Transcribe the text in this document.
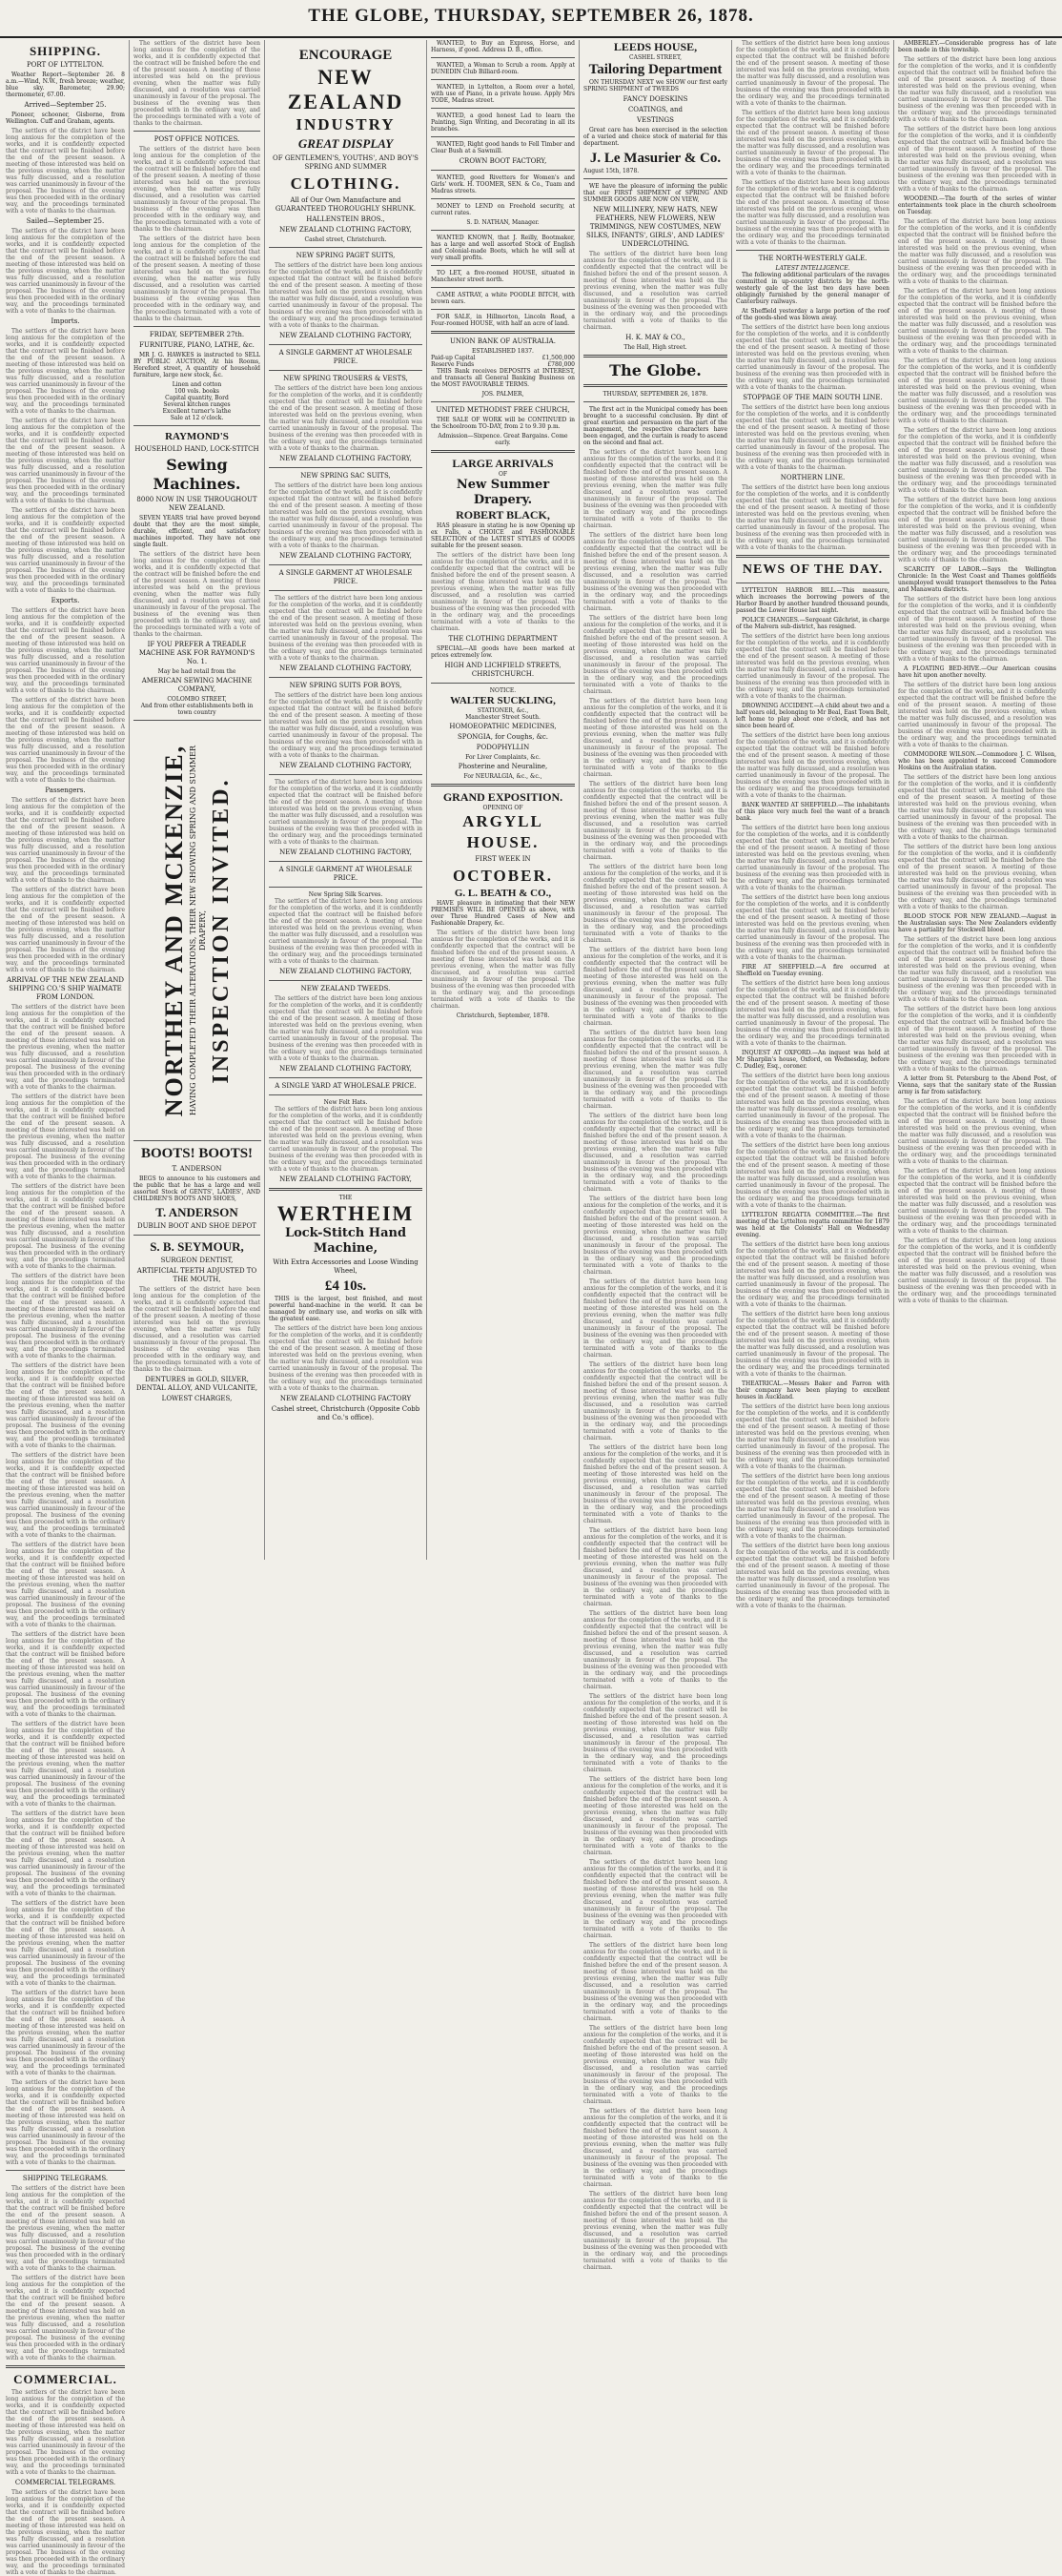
THE GLOBE, THURSDAY, SEPTEMBER 26, 1878.
SHIPPING.
PORT OF LYTTELTON.

Weather Report—September 26. 8 a.m.—Wind, N.W., fresh breeze; weather, blue sky. Barometer, 29.90; thermometer, 67.00.

Arrived—September 25.

Pioneer, schooner, Gisborne, from Wellington. Cuff and Graham, agents.

The settlers of the district have been long anxious for the completion of the works, and it is confidently expected that the contract will be finished before the end of the present season. A meeting of those interested was held on the previous evening, when the matter was fully discussed, and a resolution was carried unanimously in favour of the proposal. The business of the evening was then proceeded with in the ordinary way, and the proceedings terminated with a vote of thanks to the chairman.

Sailed—September 25.

The settlers of the district have been long anxious for the completion of the works, and it is confidently expected that the contract will be finished before the end of the present season. A meeting of those interested was held on the previous evening, when the matter was fully discussed, and a resolution was carried unanimously in favour of the proposal. The business of the evening was then proceeded with in the ordinary way, and the proceedings terminated with a vote of thanks to the chairman.

Imports.

The settlers of the district have been long anxious for the completion of the works, and it is confidently expected that the contract will be finished before the end of the present season. A meeting of those interested was held on the previous evening, when the matter was fully discussed, and a resolution was carried unanimously in favour of the proposal. The business of the evening was then proceeded with in the ordinary way, and the proceedings terminated with a vote of thanks to the chairman.

The settlers of the district have been long anxious for the completion of the works, and it is confidently expected that the contract will be finished before the end of the present season. A meeting of those interested was held on the previous evening, when the matter was fully discussed, and a resolution was carried unanimously in favour of the proposal. The business of the evening was then proceeded with in the ordinary way, and the proceedings terminated with a vote of thanks to the chairman.

The settlers of the district have been long anxious for the completion of the works, and it is confidently expected that the contract will be finished before the end of the present season. A meeting of those interested was held on the previous evening, when the matter was fully discussed, and a resolution was carried unanimously in favour of the proposal. The business of the evening was then proceeded with in the ordinary way, and the proceedings terminated with a vote of thanks to the chairman.

Exports.

The settlers of the district have been long anxious for the completion of the works, and it is confidently expected that the contract will be finished before the end of the present season. A meeting of those interested was held on the previous evening, when the matter was fully discussed, and a resolution was carried unanimously in favour of the proposal. The business of the evening was then proceeded with in the ordinary way, and the proceedings terminated with a vote of thanks to the chairman.

The settlers of the district have been long anxious for the completion of the works, and it is confidently expected that the contract will be finished before the end of the present season. A meeting of those interested was held on the previous evening, when the matter was fully discussed, and a resolution was carried unanimously in favour of the proposal. The business of the evening was then proceeded with in the ordinary way, and the proceedings terminated with a vote of thanks to the chairman.

Passengers.

The settlers of the district have been long anxious for the completion of the works, and it is confidently expected that the contract will be finished before the end of the present season. A meeting of those interested was held on the previous evening, when the matter was fully discussed, and a resolution was carried unanimously in favour of the proposal. The business of the evening was then proceeded with in the ordinary way, and the proceedings terminated with a vote of thanks to the chairman.

The settlers of the district have been long anxious for the completion of the works, and it is confidently expected that the contract will be finished before the end of the present season. A meeting of those interested was held on the previous evening, when the matter was fully discussed, and a resolution was carried unanimously in favour of the proposal. The business of the evening was then proceeded with in the ordinary way, and the proceedings terminated with a vote of thanks to the chairman.

ARRIVAL OF THE NEW ZEALAND SHIPPING CO.'S SHIP WAIMATE FROM LONDON.

The settlers of the district have been long anxious for the completion of the works, and it is confidently expected that the contract will be finished before the end of the present season. A meeting of those interested was held on the previous evening, when the matter was fully discussed, and a resolution was carried unanimously in favour of the proposal. The business of the evening was then proceeded with in the ordinary way, and the proceedings terminated with a vote of thanks to the chairman.

The settlers of the district have been long anxious for the completion of the works, and it is confidently expected that the contract will be finished before the end of the present season. A meeting of those interested was held on the previous evening, when the matter was fully discussed, and a resolution was carried unanimously in favour of the proposal. The business of the evening was then proceeded with in the ordinary way, and the proceedings terminated with a vote of thanks to the chairman.

The settlers of the district have been long anxious for the completion of the works, and it is confidently expected that the contract will be finished before the end of the present season. A meeting of those interested was held on the previous evening, when the matter was fully discussed, and a resolution was carried unanimously in favour of the proposal. The business of the evening was then proceeded with in the ordinary way, and the proceedings terminated with a vote of thanks to the chairman.

The settlers of the district have been long anxious for the completion of the works, and it is confidently expected that the contract will be finished before the end of the present season. A meeting of those interested was held on the previous evening, when the matter was fully discussed, and a resolution was carried unanimously in favour of the proposal. The business of the evening was then proceeded with in the ordinary way, and the proceedings terminated with a vote of thanks to the chairman.

The settlers of the district have been long anxious for the completion of the works, and it is confidently expected that the contract will be finished before the end of the present season. A meeting of those interested was held on the previous evening, when the matter was fully discussed, and a resolution was carried unanimously in favour of the proposal. The business of the evening was then proceeded with in the ordinary way, and the proceedings terminated with a vote of thanks to the chairman.

The settlers of the district have been long anxious for the completion of the works, and it is confidently expected that the contract will be finished before the end of the present season. A meeting of those interested was held on the previous evening, when the matter was fully discussed, and a resolution was carried unanimously in favour of the proposal. The business of the evening was then proceeded with in the ordinary way, and the proceedings terminated with a vote of thanks to the chairman.

The settlers of the district have been long anxious for the completion of the works, and it is confidently expected that the contract will be finished before the end of the present season. A meeting of those interested was held on the previous evening, when the matter was fully discussed, and a resolution was carried unanimously in favour of the proposal. The business of the evening was then proceeded with in the ordinary way, and the proceedings terminated with a vote of thanks to the chairman.

The settlers of the district have been long anxious for the completion of the works, and it is confidently expected that the contract will be finished before the end of the present season. A meeting of those interested was held on the previous evening, when the matter was fully discussed, and a resolution was carried unanimously in favour of the proposal. The business of the evening was then proceeded with in the ordinary way, and the proceedings terminated with a vote of thanks to the chairman.

The settlers of the district have been long anxious for the completion of the works, and it is confidently expected that the contract will be finished before the end of the present season. A meeting of those interested was held on the previous evening, when the matter was fully discussed, and a resolution was carried unanimously in favour of the proposal. The business of the evening was then proceeded with in the ordinary way, and the proceedings terminated with a vote of thanks to the chairman.

The settlers of the district have been long anxious for the completion of the works, and it is confidently expected that the contract will be finished before the end of the present season. A meeting of those interested was held on the previous evening, when the matter was fully discussed, and a resolution was carried unanimously in favour of the proposal. The business of the evening was then proceeded with in the ordinary way, and the proceedings terminated with a vote of thanks to the chairman.

The settlers of the district have been long anxious for the completion of the works, and it is confidently expected that the contract will be finished before the end of the present season. A meeting of those interested was held on the previous evening, when the matter was fully discussed, and a resolution was carried unanimously in favour of the proposal. The business of the evening was then proceeded with in the ordinary way, and the proceedings terminated with a vote of thanks to the chairman.

The settlers of the district have been long anxious for the completion of the works, and it is confidently expected that the contract will be finished before the end of the present season. A meeting of those interested was held on the previous evening, when the matter was fully discussed, and a resolution was carried unanimously in favour of the proposal. The business of the evening was then proceeded with in the ordinary way, and the proceedings terminated with a vote of thanks to the chairman.

The settlers of the district have been long anxious for the completion of the works, and it is confidently expected that the contract will be finished before the end of the present season. A meeting of those interested was held on the previous evening, when the matter was fully discussed, and a resolution was carried unanimously in favour of the proposal. The business of the evening was then proceeded with in the ordinary way, and the proceedings terminated with a vote of thanks to the chairman.

SHIPPING TELEGRAMS.

The settlers of the district have been long anxious for the completion of the works, and it is confidently expected that the contract will be finished before the end of the present season. A meeting of those interested was held on the previous evening, when the matter was fully discussed, and a resolution was carried unanimously in favour of the proposal. The business of the evening was then proceeded with in the ordinary way, and the proceedings terminated with a vote of thanks to the chairman.

The settlers of the district have been long anxious for the completion of the works, and it is confidently expected that the contract will be finished before the end of the present season. A meeting of those interested was held on the previous evening, when the matter was fully discussed, and a resolution was carried unanimously in favour of the proposal. The business of the evening was then proceeded with in the ordinary way, and the proceedings terminated with a vote of thanks to the chairman.

COMMERCIAL.

The settlers of the district have been long anxious for the completion of the works, and it is confidently expected that the contract will be finished before the end of the present season. A meeting of those interested was held on the previous evening, when the matter was fully discussed, and a resolution was carried unanimously in favour of the proposal. The business of the evening was then proceeded with in the ordinary way, and the proceedings terminated with a vote of thanks to the chairman.

COMMERCIAL TELEGRAMS.

The settlers of the district have been long anxious for the completion of the works, and it is confidently expected that the contract will be finished before the end of the present season. A meeting of those interested was held on the previous evening, when the matter was fully discussed, and a resolution was carried unanimously in favour of the proposal. The business of the evening was then proceeded with in the ordinary way, and the proceedings terminated with a vote of thanks to the chairman.

The settlers of the district have been long anxious for the completion of the works, and it is confidently expected that the contract will be finished before the end of the present season. A meeting of those interested was held on the previous evening, when the matter was fully discussed, and a resolution was carried unanimously in favour of the proposal. The business of the evening was then proceeded with in the ordinary way, and the proceedings terminated with a vote of thanks to the chairman.

POST OFFICE NOTICES.

The settlers of the district have been long anxious for the completion of the works, and it is confidently expected that the contract will be finished before the end of the present season. A meeting of those interested was held on the previous evening, when the matter was fully discussed, and a resolution was carried unanimously in favour of the proposal. The business of the evening was then proceeded with in the ordinary way, and the proceedings terminated with a vote of thanks to the chairman.

The settlers of the district have been long anxious for the completion of the works, and it is confidently expected that the contract will be finished before the end of the present season. A meeting of those interested was held on the previous evening, when the matter was fully discussed, and a resolution was carried unanimously in favour of the proposal. The business of the evening was then proceeded with in the ordinary way, and the proceedings terminated with a vote of thanks to the chairman.

FRIDAY, SEPTEMBER 27th.
FURNITURE, PIANO, LATHE, &c.

MR J. G. HAWKES is instructed to SELL BY PUBLIC AUCTION, At his Rooms, Hereford street, A quantity of household furniture, large new stock, &c.

Linen and cotton
100 vols. books
Capital quantity, Bord
Several kitchen ranges
Excellent turner's lathe
Sale at 12 o'clock.
RAYMOND'S
HOUSEHOLD HAND, LOCK-STITCH
Sewing Machines.
8000 NOW IN USE THROUGHOUT NEW ZEALAND.

SEVEN YEARS trial have proved beyond doubt that they are the most simple, durable, efficient, and satisfactory machines imported. They have not one single fault.

The settlers of the district have been long anxious for the completion of the works, and it is confidently expected that the contract will be finished before the end of the present season. A meeting of those interested was held on the previous evening, when the matter was fully discussed, and a resolution was carried unanimously in favour of the proposal. The business of the evening was then proceeded with in the ordinary way, and the proceedings terminated with a vote of thanks to the chairman.

IF YOU PREFER A TREADLE MACHINE ASK FOR RAYMOND'S No. 1.
May be had retail from the
AMERICAN SEWING MACHINE COMPANY,
COLOMBO STREET,
And from other establishments both in town country
NORTHEY AND MCKENZIE, HAVING COMPLETED THEIR ALTERATIONS, THEIR NEW SHOWING SPRING AND SUMMER DRAPERY, INSPECTION INVITED.
BOOTS! BOOTS!
T. ANDERSON

BEGS to announce to his customers and the public that he has a large and well assorted Stock of GENTS', LADIES', AND CHILDREN'S BOOTS AND SHOES,

T. ANDERSON
DUBLIN BOOT AND SHOE DEPOT
S. B. SEYMOUR,
SURGEON DENTIST,
ARTIFICIAL TEETH ADJUSTED TO THE MOUTH,

The settlers of the district have been long anxious for the completion of the works, and it is confidently expected that the contract will be finished before the end of the present season. A meeting of those interested was held on the previous evening, when the matter was fully discussed, and a resolution was carried unanimously in favour of the proposal. The business of the evening was then proceeded with in the ordinary way, and the proceedings terminated with a vote of thanks to the chairman.

DENTURES in GOLD, SILVER, DENTAL ALLOY, AND VULCANITE,
LOWEST CHARGES,
ENCOURAGE
NEW ZEALAND
INDUSTRY
GREAT DISPLAY
OF GENTLEMEN'S, YOUTHS', AND BOY'S SPRING AND SUMMER
CLOTHING.
All of Our Own Manufacture and GUARANTEED THOROUGHLY SHRUNK.
HALLENSTEIN BROS.,
NEW ZEALAND CLOTHING FACTORY,
Cashel street, Christchurch.
NEW SPRING PAGET SUITS,

The settlers of the district have been long anxious for the completion of the works, and it is confidently expected that the contract will be finished before the end of the present season. A meeting of those interested was held on the previous evening, when the matter was fully discussed, and a resolution was carried unanimously in favour of the proposal. The business of the evening was then proceeded with in the ordinary way, and the proceedings terminated with a vote of thanks to the chairman.

NEW ZEALAND CLOTHING FACTORY,
A SINGLE GARMENT AT WHOLESALE PRICE.
NEW SPRING TROUSERS & VESTS,

The settlers of the district have been long anxious for the completion of the works, and it is confidently expected that the contract will be finished before the end of the present season. A meeting of those interested was held on the previous evening, when the matter was fully discussed, and a resolution was carried unanimously in favour of the proposal. The business of the evening was then proceeded with in the ordinary way, and the proceedings terminated with a vote of thanks to the chairman.

NEW ZEALAND CLOTHING FACTORY,
NEW SPRING SAC SUITS,

The settlers of the district have been long anxious for the completion of the works, and it is confidently expected that the contract will be finished before the end of the present season. A meeting of those interested was held on the previous evening, when the matter was fully discussed, and a resolution was carried unanimously in favour of the proposal. The business of the evening was then proceeded with in the ordinary way, and the proceedings terminated with a vote of thanks to the chairman.

NEW ZEALAND CLOTHING FACTORY,
A SINGLE GARMENT AT WHOLESALE PRICE.

The settlers of the district have been long anxious for the completion of the works, and it is confidently expected that the contract will be finished before the end of the present season. A meeting of those interested was held on the previous evening, when the matter was fully discussed, and a resolution was carried unanimously in favour of the proposal. The business of the evening was then proceeded with in the ordinary way, and the proceedings terminated with a vote of thanks to the chairman.

NEW ZEALAND CLOTHING FACTORY,
NEW SPRING SUITS FOR BOYS,

The settlers of the district have been long anxious for the completion of the works, and it is confidently expected that the contract will be finished before the end of the present season. A meeting of those interested was held on the previous evening, when the matter was fully discussed, and a resolution was carried unanimously in favour of the proposal. The business of the evening was then proceeded with in the ordinary way, and the proceedings terminated with a vote of thanks to the chairman.

NEW ZEALAND CLOTHING FACTORY,

The settlers of the district have been long anxious for the completion of the works, and it is confidently expected that the contract will be finished before the end of the present season. A meeting of those interested was held on the previous evening, when the matter was fully discussed, and a resolution was carried unanimously in favour of the proposal. The business of the evening was then proceeded with in the ordinary way, and the proceedings terminated with a vote of thanks to the chairman.

NEW ZEALAND CLOTHING FACTORY,
A SINGLE GARMENT AT WHOLESALE PRICE.
New Spring Silk Scarves.

The settlers of the district have been long anxious for the completion of the works, and it is confidently expected that the contract will be finished before the end of the present season. A meeting of those interested was held on the previous evening, when the matter was fully discussed, and a resolution was carried unanimously in favour of the proposal. The business of the evening was then proceeded with in the ordinary way, and the proceedings terminated with a vote of thanks to the chairman.

NEW ZEALAND CLOTHING FACTORY,
NEW ZEALAND TWEEDS.

The settlers of the district have been long anxious for the completion of the works, and it is confidently expected that the contract will be finished before the end of the present season. A meeting of those interested was held on the previous evening, when the matter was fully discussed, and a resolution was carried unanimously in favour of the proposal. The business of the evening was then proceeded with in the ordinary way, and the proceedings terminated with a vote of thanks to the chairman.

NEW ZEALAND CLOTHING FACTORY,
A SINGLE YARD AT WHOLESALE PRICE.
New Felt Hats.

The settlers of the district have been long anxious for the completion of the works, and it is confidently expected that the contract will be finished before the end of the present season. A meeting of those interested was held on the previous evening, when the matter was fully discussed, and a resolution was carried unanimously in favour of the proposal. The business of the evening was then proceeded with in the ordinary way, and the proceedings terminated with a vote of thanks to the chairman.

NEW ZEALAND CLOTHING FACTORY,
THE
WERTHEIM
Lock-Stitch Hand Machine,
With Extra Accessories and Loose Winding Wheel,
£4 10s.

THIS is the largest, best finished, and most powerful hand-machine in the world. It can be managed by ordinary use, and works on silk with the greatest ease.

The settlers of the district have been long anxious for the completion of the works, and it is confidently expected that the contract will be finished before the end of the present season. A meeting of those interested was held on the previous evening, when the matter was fully discussed, and a resolution was carried unanimously in favour of the proposal. The business of the evening was then proceeded with in the ordinary way, and the proceedings terminated with a vote of thanks to the chairman.

NEW ZEALAND CLOTHING FACTORY
Cashel street, Christchurch (Opposite Cobb and Co.'s office).

WANTED, to Buy an Express, Horse, and Harness, if good. Address D. B., office.

WANTED, a Woman to Scrub a room. Apply at DUNEDIN Club Billiard-room.

WANTED, in Lyttelton, a Room over a hotel, with use of Piano, in a private house. Apply Mrs TODE, Madras street.

WANTED, a good honest Lad to learn the Painting, Sign Writing, and Decorating in all its branches.

WANTED, Right good hands to Fell Timber and Clear Bush at a Sawmill.

CROWN BOOT FACTORY,

WANTED, good Rivetters for Women's and Girls' work. H. TOOMER, SEN. & Co., Tuam and Madras streets.

MONEY to LEND on Freehold security, at current rates.

S. D. NATHAN, Manager.

WANTED KNOWN, that J. Reilly, Bootmaker, has a large and well assorted Stock of English and Colonial-made Boots, which he will sell at very small profits.

TO LET, a five-roomed HOUSE, situated in Manchester street north.

CAME ASTRAY, a white POODLE BITCH, with brown ears.

FOR SALE, in Hillmorton, Lincoln Road, a Four-roomed HOUSE, with half an acre of land.

UNION BANK OF AUSTRALIA.
ESTABLISHED 1837.
Paid-up Capital	£1,500,000
Reserve Funds	£780,000

THIS Bank receives DEPOSITS at INTEREST, and transacts all General Banking Business on the MOST FAVOURABLE TERMS.

JOS. PALMER,
UNITED METHODIST FREE CHURCH,

THE SALE OF WORK will be CONTINUED in the Schoolroom TO-DAY, from 2 to 9.30 p.m.

Admission—Sixpence. Great Bargains. Come early.
LARGE ARRIVALS
OF
New Summer Drapery.
ROBERT BLACK,

HAS pleasure in stating he is now Opening up ex Falls, a CHOICE and FASHIONABLE SELECTION of the LATEST STYLES of GOODS suitable for the present season.

The settlers of the district have been long anxious for the completion of the works, and it is confidently expected that the contract will be finished before the end of the present season. A meeting of those interested was held on the previous evening, when the matter was fully discussed, and a resolution was carried unanimously in favour of the proposal. The business of the evening was then proceeded with in the ordinary way, and the proceedings terminated with a vote of thanks to the chairman.

THE CLOTHING DEPARTMENT

SPECIAL—All goods have been marked at prices extremely low.

HIGH AND LICHFIELD STREETS, CHRISTCHURCH.
NOTICE.
WALTER SUCKLING,
STATIONER, &c.,
Manchester Street South.
HOMOEOPATHIC MEDICINES,
SPONGIA, for Coughs, &c.
PODOPHYLLIN
For Liver Complaints, &c.
Phosterine and Neuraline,
For NEURALGIA, &c., &c.,
GRAND EXPOSITION.
OPENING OF
ARGYLL HOUSE.
FIRST WEEK IN
OCTOBER.
G. L. BEATH & CO.,

HAVE pleasure in intimating that their NEW PREMISES WILL BE OPENED as above, with over Three Hundred Cases of New and Fashionable Drapery, &c.

The settlers of the district have been long anxious for the completion of the works, and it is confidently expected that the contract will be finished before the end of the present season. A meeting of those interested was held on the previous evening, when the matter was fully discussed, and a resolution was carried unanimously in favour of the proposal. The business of the evening was then proceeded with in the ordinary way, and the proceedings terminated with a vote of thanks to the chairman.

Christchurch, September, 1878.
LEEDS HOUSE,
CASHEL STREET,
Tailoring Department

ON THURSDAY NEXT we SHOW our first early SPRING SHIPMENT of TWEEDS

FANCY DOESKINS
COATINGS, and
VESTINGS

Great care has been exercised in the selection of a varied and choice stock of material for this department.

J. Le Masurier & Co.
August 15th, 1878.

WE have the pleasure of informing the public that our FIRST SHIPMENT of SPRING AND SUMMER GOODS ARE NOW ON VIEW,

NEW MILLINERY, NEW HATS, NEW FEATHERS, NEW FLOWERS, NEW TRIMMINGS, NEW COSTUMES, NEW SILKS, INFANTS', GIRLS', AND LADIES' UNDERCLOTHING.

The settlers of the district have been long anxious for the completion of the works, and it is confidently expected that the contract will be finished before the end of the present season. A meeting of those interested was held on the previous evening, when the matter was fully discussed, and a resolution was carried unanimously in favour of the proposal. The business of the evening was then proceeded with in the ordinary way, and the proceedings terminated with a vote of thanks to the chairman.

H. K. MAY & CO.,
The Hall, High street.
The Globe.
THURSDAY, SEPTEMBER 26, 1878.

The first act in the Municipal comedy has been brought to a successful conclusion. By dint of great exertion and persuasion on the part of the management, the respective characters have been engaged, and the curtain is ready to ascend on the second and final act.

The settlers of the district have been long anxious for the completion of the works, and it is confidently expected that the contract will be finished before the end of the present season. A meeting of those interested was held on the previous evening, when the matter was fully discussed, and a resolution was carried unanimously in favour of the proposal. The business of the evening was then proceeded with in the ordinary way, and the proceedings terminated with a vote of thanks to the chairman.

The settlers of the district have been long anxious for the completion of the works, and it is confidently expected that the contract will be finished before the end of the present season. A meeting of those interested was held on the previous evening, when the matter was fully discussed, and a resolution was carried unanimously in favour of the proposal. The business of the evening was then proceeded with in the ordinary way, and the proceedings terminated with a vote of thanks to the chairman.

The settlers of the district have been long anxious for the completion of the works, and it is confidently expected that the contract will be finished before the end of the present season. A meeting of those interested was held on the previous evening, when the matter was fully discussed, and a resolution was carried unanimously in favour of the proposal. The business of the evening was then proceeded with in the ordinary way, and the proceedings terminated with a vote of thanks to the chairman.

The settlers of the district have been long anxious for the completion of the works, and it is confidently expected that the contract will be finished before the end of the present season. A meeting of those interested was held on the previous evening, when the matter was fully discussed, and a resolution was carried unanimously in favour of the proposal. The business of the evening was then proceeded with in the ordinary way, and the proceedings terminated with a vote of thanks to the chairman.

The settlers of the district have been long anxious for the completion of the works, and it is confidently expected that the contract will be finished before the end of the present season. A meeting of those interested was held on the previous evening, when the matter was fully discussed, and a resolution was carried unanimously in favour of the proposal. The business of the evening was then proceeded with in the ordinary way, and the proceedings terminated with a vote of thanks to the chairman.

The settlers of the district have been long anxious for the completion of the works, and it is confidently expected that the contract will be finished before the end of the present season. A meeting of those interested was held on the previous evening, when the matter was fully discussed, and a resolution was carried unanimously in favour of the proposal. The business of the evening was then proceeded with in the ordinary way, and the proceedings terminated with a vote of thanks to the chairman.

The settlers of the district have been long anxious for the completion of the works, and it is confidently expected that the contract will be finished before the end of the present season. A meeting of those interested was held on the previous evening, when the matter was fully discussed, and a resolution was carried unanimously in favour of the proposal. The business of the evening was then proceeded with in the ordinary way, and the proceedings terminated with a vote of thanks to the chairman.

The settlers of the district have been long anxious for the completion of the works, and it is confidently expected that the contract will be finished before the end of the present season. A meeting of those interested was held on the previous evening, when the matter was fully discussed, and a resolution was carried unanimously in favour of the proposal. The business of the evening was then proceeded with in the ordinary way, and the proceedings terminated with a vote of thanks to the chairman.

The settlers of the district have been long anxious for the completion of the works, and it is confidently expected that the contract will be finished before the end of the present season. A meeting of those interested was held on the previous evening, when the matter was fully discussed, and a resolution was carried unanimously in favour of the proposal. The business of the evening was then proceeded with in the ordinary way, and the proceedings terminated with a vote of thanks to the chairman.

The settlers of the district have been long anxious for the completion of the works, and it is confidently expected that the contract will be finished before the end of the present season. A meeting of those interested was held on the previous evening, when the matter was fully discussed, and a resolution was carried unanimously in favour of the proposal. The business of the evening was then proceeded with in the ordinary way, and the proceedings terminated with a vote of thanks to the chairman.

The settlers of the district have been long anxious for the completion of the works, and it is confidently expected that the contract will be finished before the end of the present season. A meeting of those interested was held on the previous evening, when the matter was fully discussed, and a resolution was carried unanimously in favour of the proposal. The business of the evening was then proceeded with in the ordinary way, and the proceedings terminated with a vote of thanks to the chairman.

The settlers of the district have been long anxious for the completion of the works, and it is confidently expected that the contract will be finished before the end of the present season. A meeting of those interested was held on the previous evening, when the matter was fully discussed, and a resolution was carried unanimously in favour of the proposal. The business of the evening was then proceeded with in the ordinary way, and the proceedings terminated with a vote of thanks to the chairman.

The settlers of the district have been long anxious for the completion of the works, and it is confidently expected that the contract will be finished before the end of the present season. A meeting of those interested was held on the previous evening, when the matter was fully discussed, and a resolution was carried unanimously in favour of the proposal. The business of the evening was then proceeded with in the ordinary way, and the proceedings terminated with a vote of thanks to the chairman.

The settlers of the district have been long anxious for the completion of the works, and it is confidently expected that the contract will be finished before the end of the present season. A meeting of those interested was held on the previous evening, when the matter was fully discussed, and a resolution was carried unanimously in favour of the proposal. The business of the evening was then proceeded with in the ordinary way, and the proceedings terminated with a vote of thanks to the chairman.

The settlers of the district have been long anxious for the completion of the works, and it is confidently expected that the contract will be finished before the end of the present season. A meeting of those interested was held on the previous evening, when the matter was fully discussed, and a resolution was carried unanimously in favour of the proposal. The business of the evening was then proceeded with in the ordinary way, and the proceedings terminated with a vote of thanks to the chairman.

The settlers of the district have been long anxious for the completion of the works, and it is confidently expected that the contract will be finished before the end of the present season. A meeting of those interested was held on the previous evening, when the matter was fully discussed, and a resolution was carried unanimously in favour of the proposal. The business of the evening was then proceeded with in the ordinary way, and the proceedings terminated with a vote of thanks to the chairman.

The settlers of the district have been long anxious for the completion of the works, and it is confidently expected that the contract will be finished before the end of the present season. A meeting of those interested was held on the previous evening, when the matter was fully discussed, and a resolution was carried unanimously in favour of the proposal. The business of the evening was then proceeded with in the ordinary way, and the proceedings terminated with a vote of thanks to the chairman.

The settlers of the district have been long anxious for the completion of the works, and it is confidently expected that the contract will be finished before the end of the present season. A meeting of those interested was held on the previous evening, when the matter was fully discussed, and a resolution was carried unanimously in favour of the proposal. The business of the evening was then proceeded with in the ordinary way, and the proceedings terminated with a vote of thanks to the chairman.

The settlers of the district have been long anxious for the completion of the works, and it is confidently expected that the contract will be finished before the end of the present season. A meeting of those interested was held on the previous evening, when the matter was fully discussed, and a resolution was carried unanimously in favour of the proposal. The business of the evening was then proceeded with in the ordinary way, and the proceedings terminated with a vote of thanks to the chairman.

The settlers of the district have been long anxious for the completion of the works, and it is confidently expected that the contract will be finished before the end of the present season. A meeting of those interested was held on the previous evening, when the matter was fully discussed, and a resolution was carried unanimously in favour of the proposal. The business of the evening was then proceeded with in the ordinary way, and the proceedings terminated with a vote of thanks to the chairman.

The settlers of the district have been long anxious for the completion of the works, and it is confidently expected that the contract will be finished before the end of the present season. A meeting of those interested was held on the previous evening, when the matter was fully discussed, and a resolution was carried unanimously in favour of the proposal. The business of the evening was then proceeded with in the ordinary way, and the proceedings terminated with a vote of thanks to the chairman.

The settlers of the district have been long anxious for the completion of the works, and it is confidently expected that the contract will be finished before the end of the present season. A meeting of those interested was held on the previous evening, when the matter was fully discussed, and a resolution was carried unanimously in favour of the proposal. The business of the evening was then proceeded with in the ordinary way, and the proceedings terminated with a vote of thanks to the chairman.

The settlers of the district have been long anxious for the completion of the works, and it is confidently expected that the contract will be finished before the end of the present season. A meeting of those interested was held on the previous evening, when the matter was fully discussed, and a resolution was carried unanimously in favour of the proposal. The business of the evening was then proceeded with in the ordinary way, and the proceedings terminated with a vote of thanks to the chairman.

The settlers of the district have been long anxious for the completion of the works, and it is confidently expected that the contract will be finished before the end of the present season. A meeting of those interested was held on the previous evening, when the matter was fully discussed, and a resolution was carried unanimously in favour of the proposal. The business of the evening was then proceeded with in the ordinary way, and the proceedings terminated with a vote of thanks to the chairman.

The settlers of the district have been long anxious for the completion of the works, and it is confidently expected that the contract will be finished before the end of the present season. A meeting of those interested was held on the previous evening, when the matter was fully discussed, and a resolution was carried unanimously in favour of the proposal. The business of the evening was then proceeded with in the ordinary way, and the proceedings terminated with a vote of thanks to the chairman.

THE NORTH-WESTERLY GALE.
LATEST INTELLIGENCE.

The following additional particulars of the ravages committed in up-country districts by the north-westerly gale of the last two days have been obligingly furnished by the general manager of Canterbury railways.

At Sheffield yesterday a large portion of the roof of the goods-shed was blown away.

The settlers of the district have been long anxious for the completion of the works, and it is confidently expected that the contract will be finished before the end of the present season. A meeting of those interested was held on the previous evening, when the matter was fully discussed, and a resolution was carried unanimously in favour of the proposal. The business of the evening was then proceeded with in the ordinary way, and the proceedings terminated with a vote of thanks to the chairman.

STOPPAGE OF THE MAIN SOUTH LINE.

The settlers of the district have been long anxious for the completion of the works, and it is confidently expected that the contract will be finished before the end of the present season. A meeting of those interested was held on the previous evening, when the matter was fully discussed, and a resolution was carried unanimously in favour of the proposal. The business of the evening was then proceeded with in the ordinary way, and the proceedings terminated with a vote of thanks to the chairman.

NORTHERN LINE.

The settlers of the district have been long anxious for the completion of the works, and it is confidently expected that the contract will be finished before the end of the present season. A meeting of those interested was held on the previous evening, when the matter was fully discussed, and a resolution was carried unanimously in favour of the proposal. The business of the evening was then proceeded with in the ordinary way, and the proceedings terminated with a vote of thanks to the chairman.

NEWS OF THE DAY.

LYTTELTON HARBOR BILL.—This measure, which increases the borrowing powers of the Harbor Board by another hundred thousand pounds, passed the Lower House last night.

POLICE CHANGES.—Sergeant Gilchrist, in charge of the Malvern sub-district, has resigned.

The settlers of the district have been long anxious for the completion of the works, and it is confidently expected that the contract will be finished before the end of the present season. A meeting of those interested was held on the previous evening, when the matter was fully discussed, and a resolution was carried unanimously in favour of the proposal. The business of the evening was then proceeded with in the ordinary way, and the proceedings terminated with a vote of thanks to the chairman.

DROWNING ACCIDENT.—A child about two and a half years old, belonging to Mr Beal, East Town Belt, left home to play about one o'clock, and has not since been heard of.

The settlers of the district have been long anxious for the completion of the works, and it is confidently expected that the contract will be finished before the end of the present season. A meeting of those interested was held on the previous evening, when the matter was fully discussed, and a resolution was carried unanimously in favour of the proposal. The business of the evening was then proceeded with in the ordinary way, and the proceedings terminated with a vote of thanks to the chairman.

BANK WANTED AT SHEFFIELD.—The inhabitants of this place very much feel the want of a branch bank.

The settlers of the district have been long anxious for the completion of the works, and it is confidently expected that the contract will be finished before the end of the present season. A meeting of those interested was held on the previous evening, when the matter was fully discussed, and a resolution was carried unanimously in favour of the proposal. The business of the evening was then proceeded with in the ordinary way, and the proceedings terminated with a vote of thanks to the chairman.

The settlers of the district have been long anxious for the completion of the works, and it is confidently expected that the contract will be finished before the end of the present season. A meeting of those interested was held on the previous evening, when the matter was fully discussed, and a resolution was carried unanimously in favour of the proposal. The business of the evening was then proceeded with in the ordinary way, and the proceedings terminated with a vote of thanks to the chairman.

FIRE AT SHEFFIELD.—A fire occurred at Sheffield on Tuesday evening.

The settlers of the district have been long anxious for the completion of the works, and it is confidently expected that the contract will be finished before the end of the present season. A meeting of those interested was held on the previous evening, when the matter was fully discussed, and a resolution was carried unanimously in favour of the proposal. The business of the evening was then proceeded with in the ordinary way, and the proceedings terminated with a vote of thanks to the chairman.

INQUEST AT OXFORD.—An inquest was held at Mr Sharplin's house, Oxford, on Wednesday, before C. Dudley, Esq., coroner.

The settlers of the district have been long anxious for the completion of the works, and it is confidently expected that the contract will be finished before the end of the present season. A meeting of those interested was held on the previous evening, when the matter was fully discussed, and a resolution was carried unanimously in favour of the proposal. The business of the evening was then proceeded with in the ordinary way, and the proceedings terminated with a vote of thanks to the chairman.

The settlers of the district have been long anxious for the completion of the works, and it is confidently expected that the contract will be finished before the end of the present season. A meeting of those interested was held on the previous evening, when the matter was fully discussed, and a resolution was carried unanimously in favour of the proposal. The business of the evening was then proceeded with in the ordinary way, and the proceedings terminated with a vote of thanks to the chairman.

LYTTELTON REGATTA COMMITTEE.—The first meeting of the Lyttelton regatta committee for 1879 was held at the Colonists' Hall on Wednesday evening.

The settlers of the district have been long anxious for the completion of the works, and it is confidently expected that the contract will be finished before the end of the present season. A meeting of those interested was held on the previous evening, when the matter was fully discussed, and a resolution was carried unanimously in favour of the proposal. The business of the evening was then proceeded with in the ordinary way, and the proceedings terminated with a vote of thanks to the chairman.

The settlers of the district have been long anxious for the completion of the works, and it is confidently expected that the contract will be finished before the end of the present season. A meeting of those interested was held on the previous evening, when the matter was fully discussed, and a resolution was carried unanimously in favour of the proposal. The business of the evening was then proceeded with in the ordinary way, and the proceedings terminated with a vote of thanks to the chairman.

THEATRICAL.—Messrs Baker and Farron with their company have been playing to excellent houses in Auckland.

The settlers of the district have been long anxious for the completion of the works, and it is confidently expected that the contract will be finished before the end of the present season. A meeting of those interested was held on the previous evening, when the matter was fully discussed, and a resolution was carried unanimously in favour of the proposal. The business of the evening was then proceeded with in the ordinary way, and the proceedings terminated with a vote of thanks to the chairman.

The settlers of the district have been long anxious for the completion of the works, and it is confidently expected that the contract will be finished before the end of the present season. A meeting of those interested was held on the previous evening, when the matter was fully discussed, and a resolution was carried unanimously in favour of the proposal. The business of the evening was then proceeded with in the ordinary way, and the proceedings terminated with a vote of thanks to the chairman.

The settlers of the district have been long anxious for the completion of the works, and it is confidently expected that the contract will be finished before the end of the present season. A meeting of those interested was held on the previous evening, when the matter was fully discussed, and a resolution was carried unanimously in favour of the proposal. The business of the evening was then proceeded with in the ordinary way, and the proceedings terminated with a vote of thanks to the chairman.

AMBERLEY.—Considerable progress has of late been made in this township.

The settlers of the district have been long anxious for the completion of the works, and it is confidently expected that the contract will be finished before the end of the present season. A meeting of those interested was held on the previous evening, when the matter was fully discussed, and a resolution was carried unanimously in favour of the proposal. The business of the evening was then proceeded with in the ordinary way, and the proceedings terminated with a vote of thanks to the chairman.

The settlers of the district have been long anxious for the completion of the works, and it is confidently expected that the contract will be finished before the end of the present season. A meeting of those interested was held on the previous evening, when the matter was fully discussed, and a resolution was carried unanimously in favour of the proposal. The business of the evening was then proceeded with in the ordinary way, and the proceedings terminated with a vote of thanks to the chairman.

WOODEND.—The fourth of the series of winter entertainments took place in the church schoolroom on Tuesday.

The settlers of the district have been long anxious for the completion of the works, and it is confidently expected that the contract will be finished before the end of the present season. A meeting of those interested was held on the previous evening, when the matter was fully discussed, and a resolution was carried unanimously in favour of the proposal. The business of the evening was then proceeded with in the ordinary way, and the proceedings terminated with a vote of thanks to the chairman.

The settlers of the district have been long anxious for the completion of the works, and it is confidently expected that the contract will be finished before the end of the present season. A meeting of those interested was held on the previous evening, when the matter was fully discussed, and a resolution was carried unanimously in favour of the proposal. The business of the evening was then proceeded with in the ordinary way, and the proceedings terminated with a vote of thanks to the chairman.

The settlers of the district have been long anxious for the completion of the works, and it is confidently expected that the contract will be finished before the end of the present season. A meeting of those interested was held on the previous evening, when the matter was fully discussed, and a resolution was carried unanimously in favour of the proposal. The business of the evening was then proceeded with in the ordinary way, and the proceedings terminated with a vote of thanks to the chairman.

The settlers of the district have been long anxious for the completion of the works, and it is confidently expected that the contract will be finished before the end of the present season. A meeting of those interested was held on the previous evening, when the matter was fully discussed, and a resolution was carried unanimously in favour of the proposal. The business of the evening was then proceeded with in the ordinary way, and the proceedings terminated with a vote of thanks to the chairman.

The settlers of the district have been long anxious for the completion of the works, and it is confidently expected that the contract will be finished before the end of the present season. A meeting of those interested was held on the previous evening, when the matter was fully discussed, and a resolution was carried unanimously in favour of the proposal. The business of the evening was then proceeded with in the ordinary way, and the proceedings terminated with a vote of thanks to the chairman.

SCARCITY OF LABOR.—Says the Wellington Chronicle: In the West Coast and Thames goldfields unemployed would transport themselves to the Patea and Manawatu districts.

The settlers of the district have been long anxious for the completion of the works, and it is confidently expected that the contract will be finished before the end of the present season. A meeting of those interested was held on the previous evening, when the matter was fully discussed, and a resolution was carried unanimously in favour of the proposal. The business of the evening was then proceeded with in the ordinary way, and the proceedings terminated with a vote of thanks to the chairman.

A FLOATING BED-HIVE.—Our American cousins have hit upon another novelty.

The settlers of the district have been long anxious for the completion of the works, and it is confidently expected that the contract will be finished before the end of the present season. A meeting of those interested was held on the previous evening, when the matter was fully discussed, and a resolution was carried unanimously in favour of the proposal. The business of the evening was then proceeded with in the ordinary way, and the proceedings terminated with a vote of thanks to the chairman.

COMMODORE WILSON.—Commodore J. C. Wilson, who has been appointed to succeed Commodore Hoskins on the Australian station.

The settlers of the district have been long anxious for the completion of the works, and it is confidently expected that the contract will be finished before the end of the present season. A meeting of those interested was held on the previous evening, when the matter was fully discussed, and a resolution was carried unanimously in favour of the proposal. The business of the evening was then proceeded with in the ordinary way, and the proceedings terminated with a vote of thanks to the chairman.

The settlers of the district have been long anxious for the completion of the works, and it is confidently expected that the contract will be finished before the end of the present season. A meeting of those interested was held on the previous evening, when the matter was fully discussed, and a resolution was carried unanimously in favour of the proposal. The business of the evening was then proceeded with in the ordinary way, and the proceedings terminated with a vote of thanks to the chairman.

BLOOD STOCK FOR NEW ZEALAND.—August in the Australasian says: The New Zealanders evidently have a partiality for Stockwell blood.

The settlers of the district have been long anxious for the completion of the works, and it is confidently expected that the contract will be finished before the end of the present season. A meeting of those interested was held on the previous evening, when the matter was fully discussed, and a resolution was carried unanimously in favour of the proposal. The business of the evening was then proceeded with in the ordinary way, and the proceedings terminated with a vote of thanks to the chairman.

The settlers of the district have been long anxious for the completion of the works, and it is confidently expected that the contract will be finished before the end of the present season. A meeting of those interested was held on the previous evening, when the matter was fully discussed, and a resolution was carried unanimously in favour of the proposal. The business of the evening was then proceeded with in the ordinary way, and the proceedings terminated with a vote of thanks to the chairman.

A letter from St. Petersburg to the Abend Post, of Vienna, says that the sanitary state of the Russian army is far from satisfactory.

The settlers of the district have been long anxious for the completion of the works, and it is confidently expected that the contract will be finished before the end of the present season. A meeting of those interested was held on the previous evening, when the matter was fully discussed, and a resolution was carried unanimously in favour of the proposal. The business of the evening was then proceeded with in the ordinary way, and the proceedings terminated with a vote of thanks to the chairman.

The settlers of the district have been long anxious for the completion of the works, and it is confidently expected that the contract will be finished before the end of the present season. A meeting of those interested was held on the previous evening, when the matter was fully discussed, and a resolution was carried unanimously in favour of the proposal. The business of the evening was then proceeded with in the ordinary way, and the proceedings terminated with a vote of thanks to the chairman.

The settlers of the district have been long anxious for the completion of the works, and it is confidently expected that the contract will be finished before the end of the present season. A meeting of those interested was held on the previous evening, when the matter was fully discussed, and a resolution was carried unanimously in favour of the proposal. The business of the evening was then proceeded with in the ordinary way, and the proceedings terminated with a vote of thanks to the chairman.
